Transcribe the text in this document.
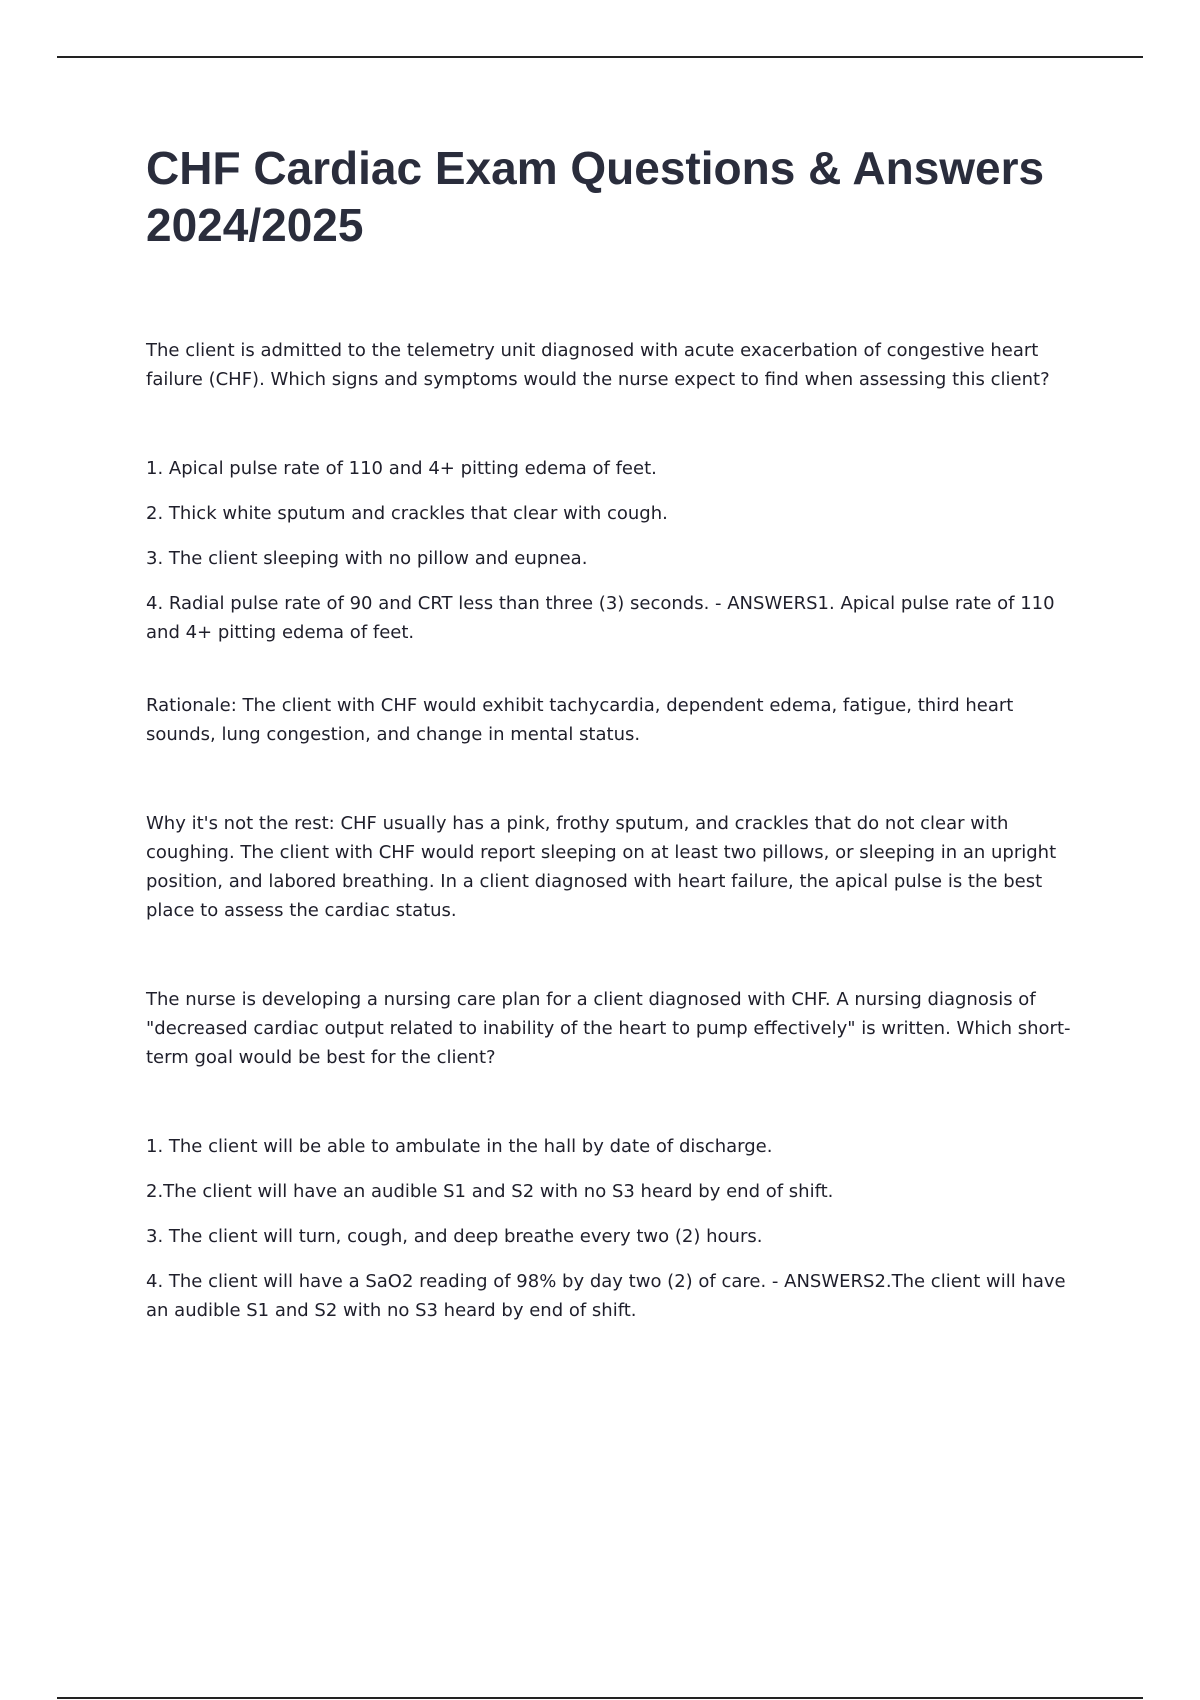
CHF Cardiac Exam Questions & Answers 2024/2025

The client is admitted to the telemetry unit diagnosed with acute exacerbation of congestive heart failure (CHF). Which signs and symptoms would the nurse expect to find when assessing this client?

1. Apical pulse rate of 110 and 4+ pitting edema of feet.

2. Thick white sputum and crackles that clear with cough.

3. The client sleeping with no pillow and eupnea.

4. Radial pulse rate of 90 and CRT less than three (3) seconds. - ANSWERS1. Apical pulse rate of 110 and 4+ pitting edema of feet.

Rationale: The client with CHF would exhibit tachycardia, dependent edema, fatigue, third heart sounds, lung congestion, and change in mental status.

Why it's not the rest: CHF usually has a pink, frothy sputum, and crackles that do not clear with coughing. The client with CHF would report sleeping on at least two pillows, or sleeping in an upright position, and labored breathing. In a client diagnosed with heart failure, the apical pulse is the best place to assess the cardiac status.

The nurse is developing a nursing care plan for a client diagnosed with CHF. A nursing diagnosis of "decreased cardiac output related to inability of the heart to pump effectively" is written. Which short-term goal would be best for the client?

1. The client will be able to ambulate in the hall by date of discharge.

2.The client will have an audible S1 and S2 with no S3 heard by end of shift.

3. The client will turn, cough, and deep breathe every two (2) hours.

4. The client will have a SaO2 reading of 98% by day two (2) of care. - ANSWERS2.The client will have an audible S1 and S2 with no S3 heard by end of shift.
